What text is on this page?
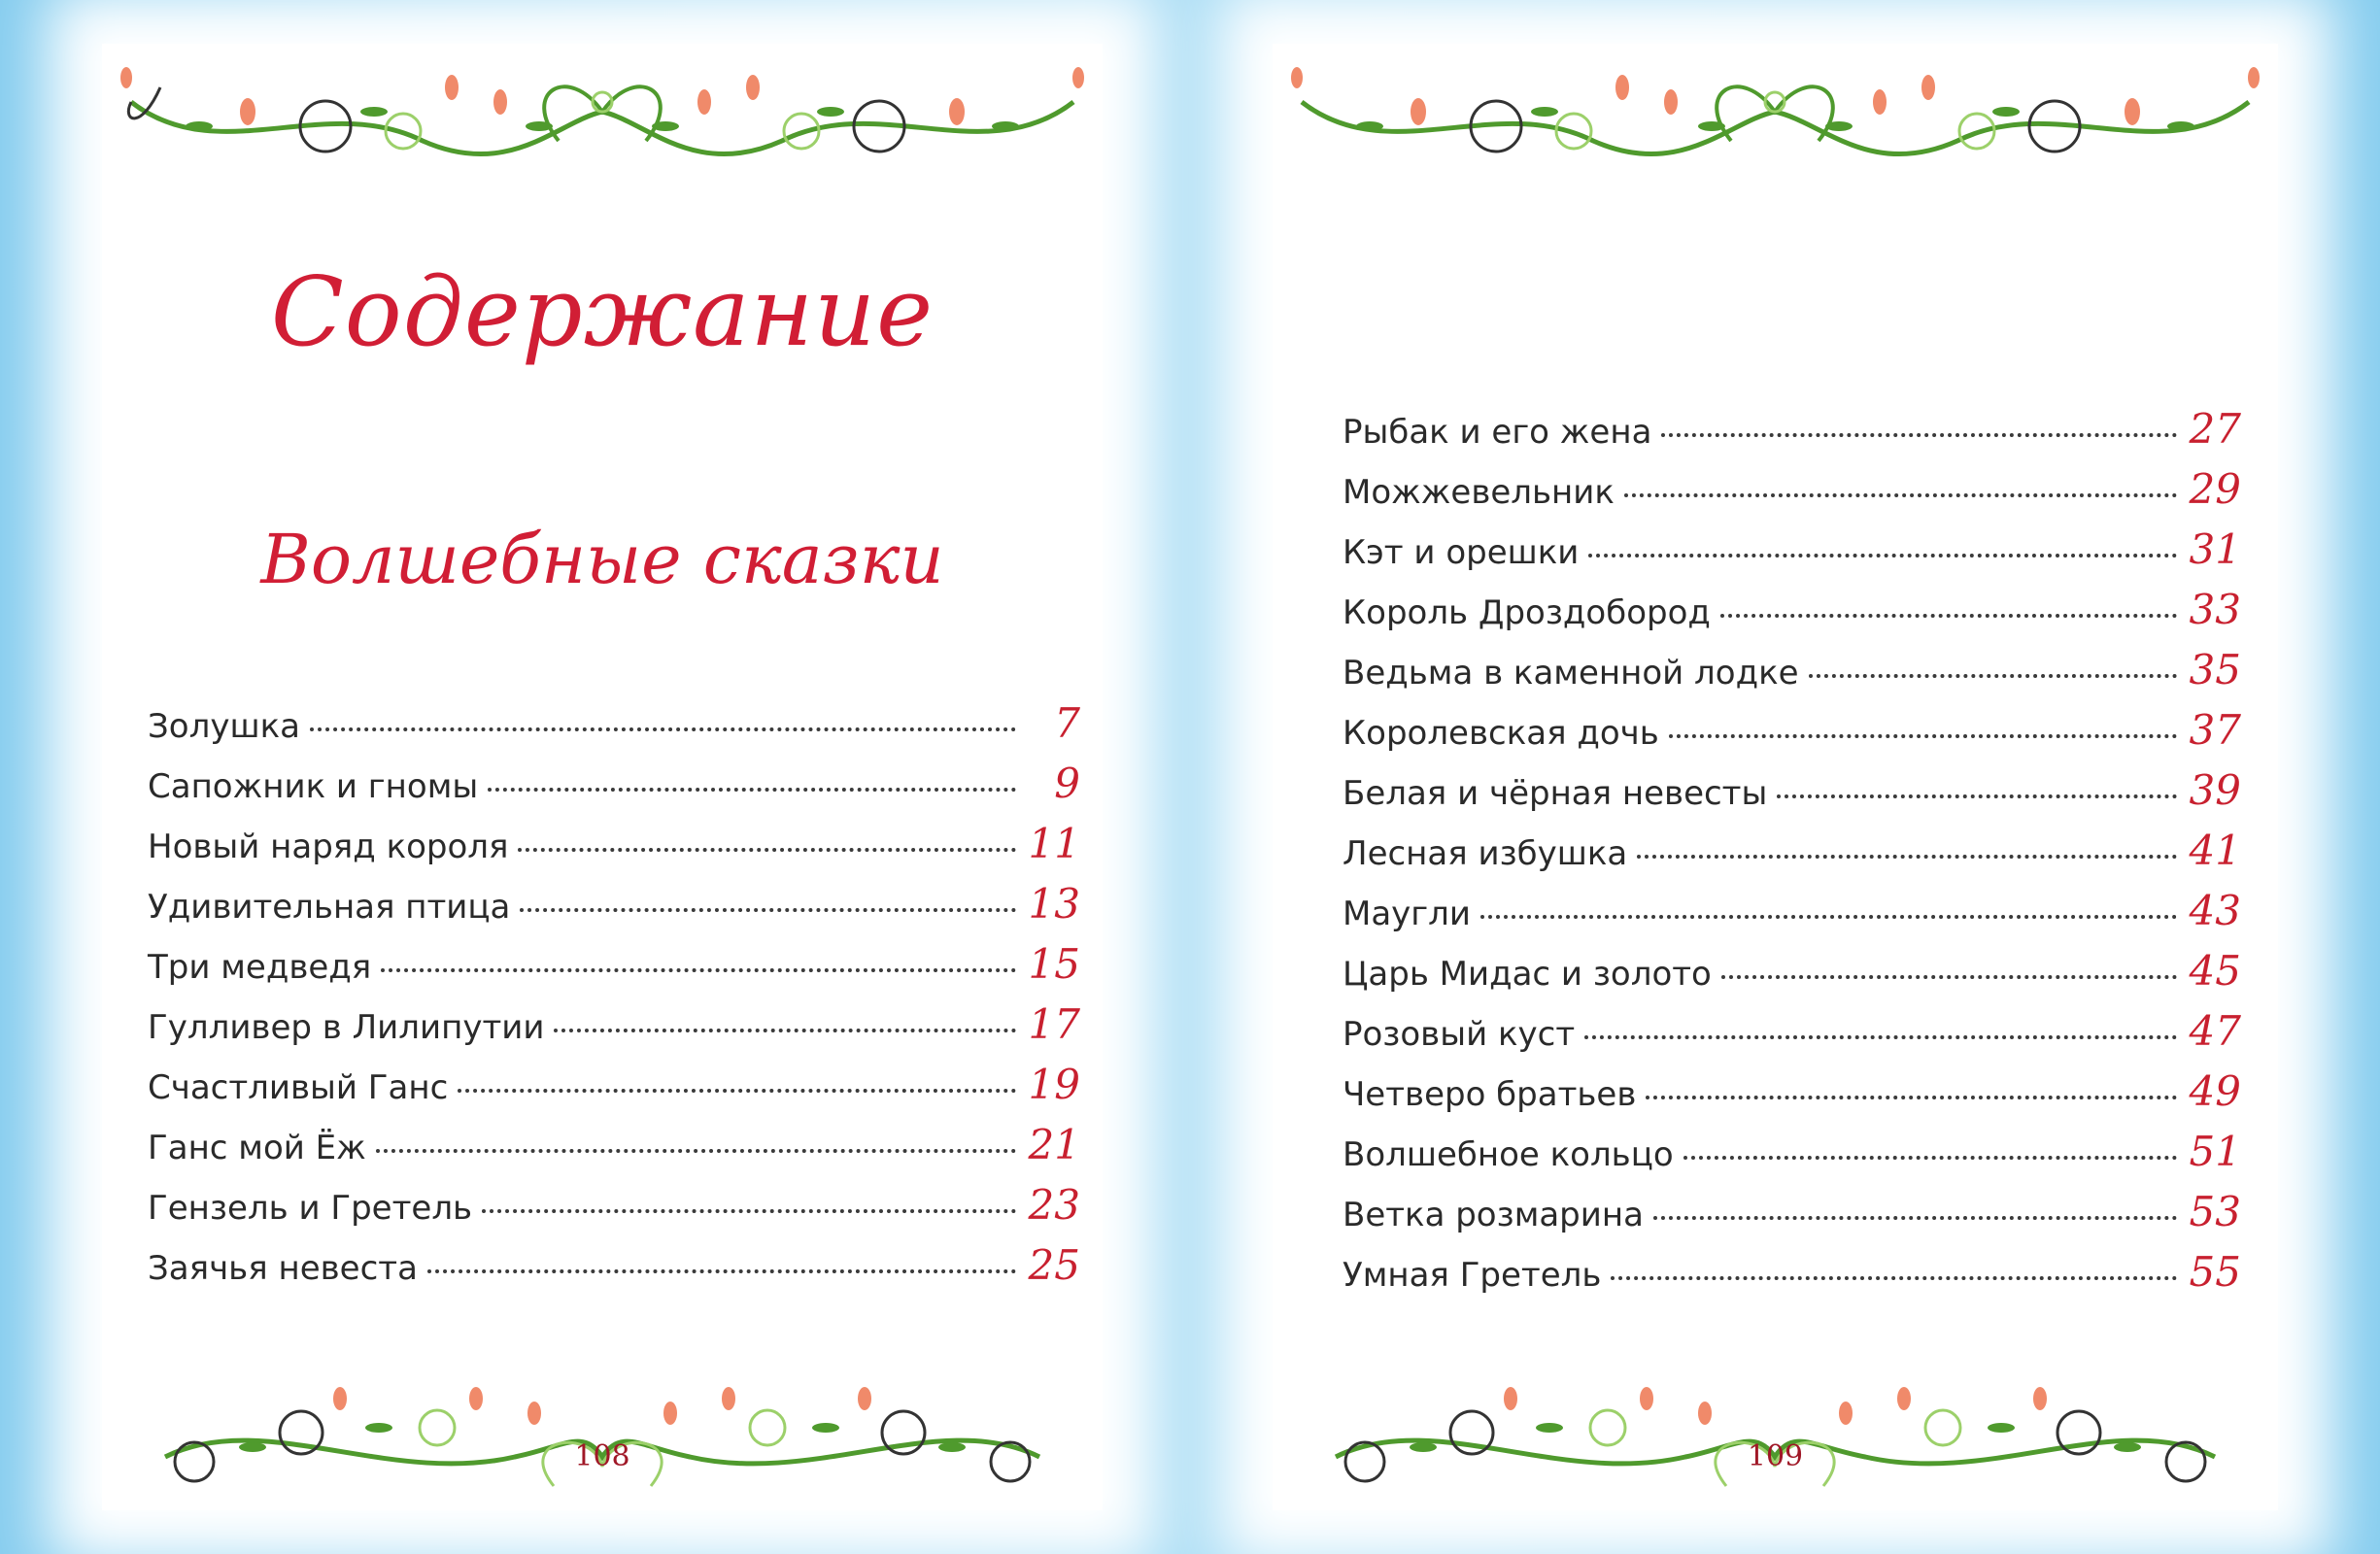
Содержание
Волшебные сказки
Золушка	7
Сапожник и гномы	9
Новый наряд короля	11
Удивительная птица	13
Три медведя	15
Гулливер в Лилипутии	17
Счастливый Ганс	19
Ганс мой Ёж	21
Гензель и Гретель	23
Заячья невеста	25
108
Рыбак и его жена	27
Можжевельник	29
Кэт и орешки	31
Король Дроздобород	33
Ведьма в каменной лодке	35
Королевская дочь	37
Белая и чёрная невесты	39
Лесная избушка	41
Маугли	43
Царь Мидас и золото	45
Розовый куст	47
Четверо братьев	49
Волшебное кольцо	51
Ветка розмарина	53
Умная Гретель	55
109
